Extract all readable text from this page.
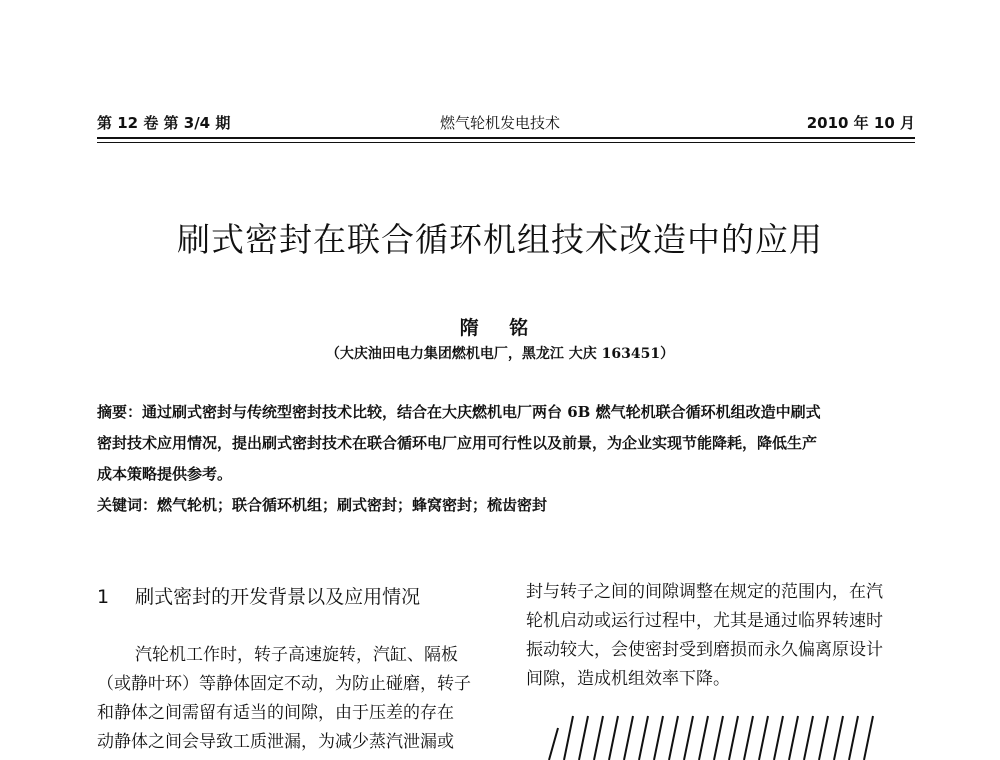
第 12 卷 第 3/4 期	燃气轮机发电技术	2010 年 10 月
刷式密封在联合循环机组技术改造中的应用
隋 铭
（大庆油田电力集团燃机电厂，黑龙江 大庆 163451）
摘要：通过刷式密封与传统型密封技术比较，结合在大庆燃机电厂两台 6B 燃气轮机联合循环机组改造中刷式
密封技术应用情况，提出刷式密封技术在联合循环电厂应用可行性以及前景，为企业实现节能降耗，降低生产
成本策略提供参考。
关键词：燃气轮机；联合循环机组；刷式密封；蜂窝密封；梳齿密封
1 刷式密封的开发背景以及应用情况

汽轮机工作时，转子高速旋转，汽缸、隔板

（或静叶环）等静体固定不动，为防止碰磨，转子

和静体之间需留有适当的间隙，由于压差的存在

动静体之间会导致工质泄漏，为减少蒸汽泄漏或

封与转子之间的间隙调整在规定的范围内，在汽

轮机启动或运行过程中，尤其是通过临界转速时

振动较大，会使密封受到磨损而永久偏离原设计

间隙，造成机组效率下降。
